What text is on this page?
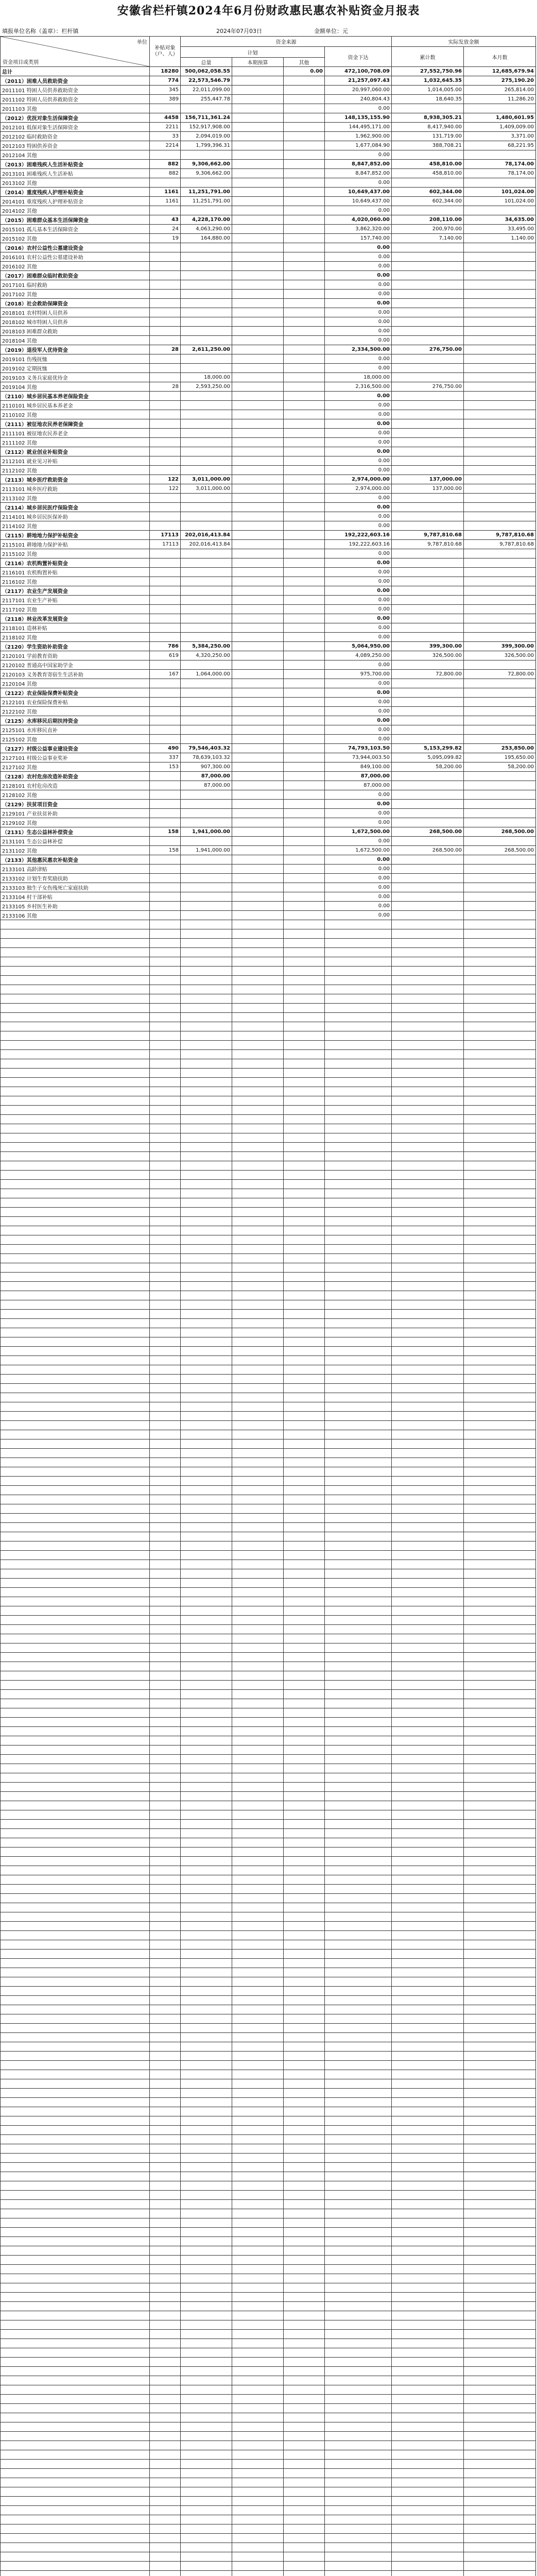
安徽省栏杆镇2024年6月份财政惠民惠农补贴资金月报表
填报单位名称（盖章）：栏杆镇	2024年07月03日	金额单位：元
单位
资金项目或类别	补贴对象（户、人）	资金来源				实际发放金额	
		计划			资金下达	累计数	本月数
		总量	本期预算	其他			
总计	18280	500,062,058.55		0.00	472,100,708.09	27,552,750.96	12,685,679.94
（2011）困难人员救助资金	774	22,573,546.79			21,257,097.43	1,032,645.35	275,190.20
2011101 特困人员供养救助资金	345	22,011,099.00			20,997,060.00	1,014,005.00	265,814.00
2011102 特困人员供养救助资金	389	255,447.78			240,804.43	18,640.35	11,286.20
2011103 其他					0.00		
（2012）优抚对象生活保障资金	4458	156,711,361.24			148,135,155.90	8,938,305.21	1,480,601.95
2012101 低保对象生活保障资金	2211	152,917,908.00			144,495,171.00	8,417,940.00	1,409,009.00
2012102 临时救助资金	33	2,094,019.00			1,962,900.00	131,719.00	3,371.00
2012103 特困供养资金	2214	1,799,396.31			1,677,084.90	388,708.21	68,221.95
2012104 其他					0.00		
（2013）困难残疾人生活补贴资金	882	9,306,662.00			8,847,852.00	458,810.00	78,174.00
2013101 困难残疾人生活补贴	882	9,306,662.00			8,847,852.00	458,810.00	78,174.00
2013102 其他					0.00		
（2014）重度残疾人护理补贴资金	1161	11,251,791.00			10,649,437.00	602,344.00	101,024.00
2014101 重度残疾人护理补贴资金	1161	11,251,791.00			10,649,437.00	602,344.00	101,024.00
2014102 其他					0.00		
（2015）困难群众基本生活保障资金	43	4,228,170.00			4,020,060.00	208,110.00	34,635.00
2015101 孤儿基本生活保障资金	24	4,063,290.00			3,862,320.00	200,970.00	33,495.00
2015102 其他	19	164,880.00			157,740.00	7,140.00	1,140.00
（2016）农村公益性公墓建设资金					0.00		
2016101 农村公益性公墓建设补助					0.00		
2016102 其他					0.00		
（2017）困难群众临时救助资金					0.00		
2017101 临时救助					0.00		
2017102 其他					0.00		
（2018）社会救助保障资金					0.00		
2018101 农村特困人员供养					0.00		
2018102 城市特困人员供养					0.00		
2018103 困难群众救助					0.00		
2018104 其他					0.00		
（2019）退役军人优待资金	28	2,611,250.00			2,334,500.00	276,750.00	
2019101 伤残抚恤					0.00		
2019102 定期抚恤					0.00		
2019103 义务兵家庭优待金		18,000.00			18,000.00		
2019104 其他	28	2,593,250.00			2,316,500.00	276,750.00	
（2110）城乡居民基本养老保险资金					0.00		
2110101 城乡居民基本养老金					0.00		
2110102 其他					0.00		
（2111）被征地农民养老保障资金					0.00		
2111101 被征地农民养老金					0.00		
2111102 其他					0.00		
（2112）就业创业补贴资金					0.00		
2112101 就业见习补贴					0.00		
2112102 其他					0.00		
（2113）城乡医疗救助资金	122	3,011,000.00			2,974,000.00	137,000.00	
2113101 城乡医疗救助	122	3,011,000.00			2,974,000.00	137,000.00	
2113102 其他					0.00		
（2114）城乡居民医疗保险资金					0.00		
2114101 城乡居民医保补助					0.00		
2114102 其他					0.00		
（2115）耕地地力保护补贴资金	17113	202,016,413.84			192,222,603.16	9,787,810.68	9,787,810.68
2115101 耕地地力保护补贴	17113	202,016,413.84			192,222,603.16	9,787,810.68	9,787,810.68
2115102 其他					0.00		
（2116）农机购置补贴资金					0.00		
2116101 农机购置补贴					0.00		
2116102 其他					0.00		
（2117）农业生产发展资金					0.00		
2117101 农业生产补贴					0.00		
2117102 其他					0.00		
（2118）林业改革发展资金					0.00		
2118101 造林补贴					0.00		
2118102 其他					0.00		
（2120）学生资助补助资金	786	5,384,250.00			5,064,950.00	399,300.00	399,300.00
2120101 学前教育资助	619	4,320,250.00			4,089,250.00	326,500.00	326,500.00
2120102 普通高中国家助学金					0.00		
2120103 义务教育寄宿生生活补助	167	1,064,000.00			975,700.00	72,800.00	72,800.00
2120104 其他					0.00		
（2122）农业保险保费补贴资金					0.00		
2122101 农业保险保费补贴					0.00		
2122102 其他					0.00		
（2125）水库移民后期扶持资金					0.00		
2125101 水库移民直补					0.00		
2125102 其他					0.00		
（2127）村级公益事业建设资金	490	79,546,403.32			74,793,103.50	5,153,299.82	253,850.00
2127101 村级公益事业奖补	337	78,639,103.32			73,944,003.50	5,095,099.82	195,650.00
2127102 其他	153	907,300.00			849,100.00	58,200.00	58,200.00
（2128）农村危房改造补助资金		87,000.00			87,000.00		
2128101 农村危房改造		87,000.00			87,000.00		
2128102 其他					0.00		
（2129）扶贫项目资金					0.00		
2129101 产业扶贫补助					0.00		
2129102 其他					0.00		
（2131）生态公益林补偿资金	158	1,941,000.00			1,672,500.00	268,500.00	268,500.00
2131101 生态公益林补偿					0.00		
2131102 其他	158	1,941,000.00			1,672,500.00	268,500.00	268,500.00
（2133）其他惠民惠农补贴资金					0.00		
2133101 高龄津贴					0.00		
2133102 计划生育奖励扶助					0.00		
2133103 独生子女伤残死亡家庭扶助					0.00		
2133104 村干部补贴					0.00		
2133105 乡村医生补助					0.00		
2133106 其他					0.00		
